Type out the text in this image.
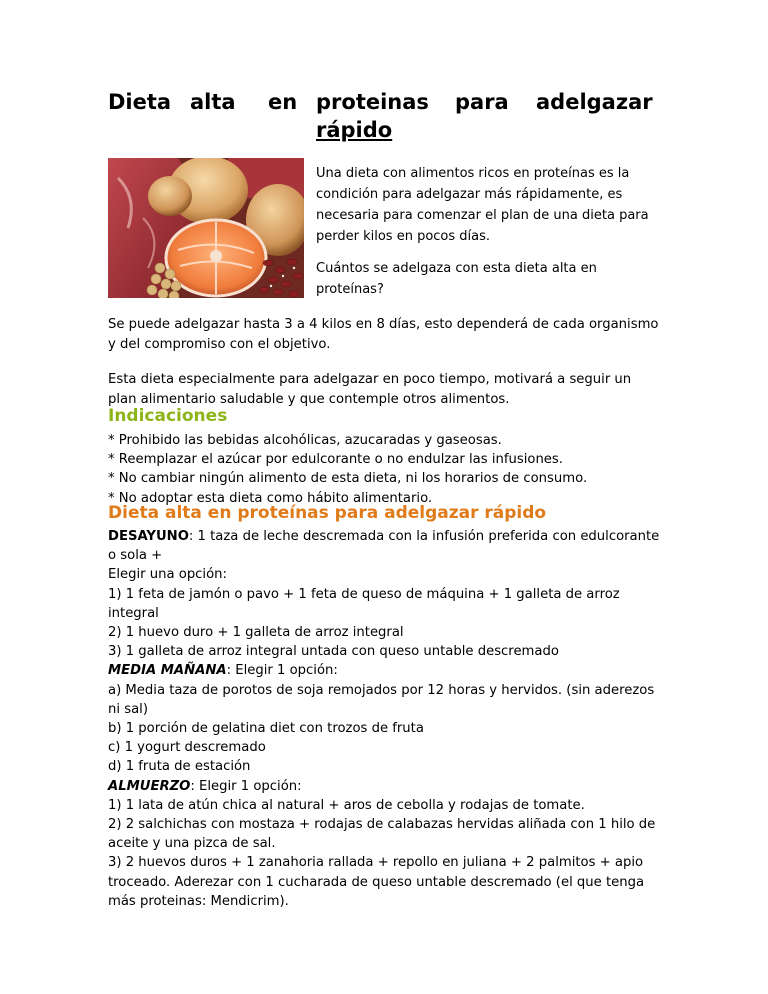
Dieta alta en proteinas para adelgazar
rápido
Una dieta con alimentos ricos en proteínas es la
condición para adelgazar más rápidamente, es
necesaria para comenzar el plan de una dieta para
perder kilos en pocos días.
Cuántos se adelgaza con esta dieta alta en
proteínas?
Se puede adelgazar hasta 3 a 4 kilos en 8 días, esto dependerá de cada organismo
y del compromiso con el objetivo.
Esta dieta especialmente para adelgazar en poco tiempo, motivará a seguir un
plan alimentario saludable y que contemple otros alimentos.
Indicaciones
* Prohibido las bebidas alcohólicas, azucaradas y gaseosas.
* Reemplazar el azúcar por edulcorante o no endulzar las infusiones.
* No cambiar ningún alimento de esta dieta, ni los horarios de consumo.
* No adoptar esta dieta como hábito alimentario.
Dieta alta en proteínas para adelgazar rápido
DESAYUNO: 1 taza de leche descremada con la infusión preferida con edulcorante
o sola +
Elegir una opción:
1) 1 feta de jamón o pavo + 1 feta de queso de máquina + 1 galleta de arroz
integral
2) 1 huevo duro + 1 galleta de arroz integral
3) 1 galleta de arroz integral untada con queso untable descremado
MEDIA MAÑANA: Elegir 1 opción:
a) Media taza de porotos de soja remojados por 12 horas y hervidos. (sin aderezos
ni sal)
b) 1 porción de gelatina diet con trozos de fruta
c) 1 yogurt descremado
d) 1 fruta de estación
ALMUERZO: Elegir 1 opción:
1) 1 lata de atún chica al natural + aros de cebolla y rodajas de tomate.
2) 2 salchichas con mostaza + rodajas de calabazas hervidas aliñada con 1 hilo de
aceite y una pizca de sal.
3) 2 huevos duros + 1 zanahoria rallada + repollo en juliana + 2 palmitos + apio
troceado. Aderezar con 1 cucharada de queso untable descremado (el que tenga
más proteinas: Mendicrim).
